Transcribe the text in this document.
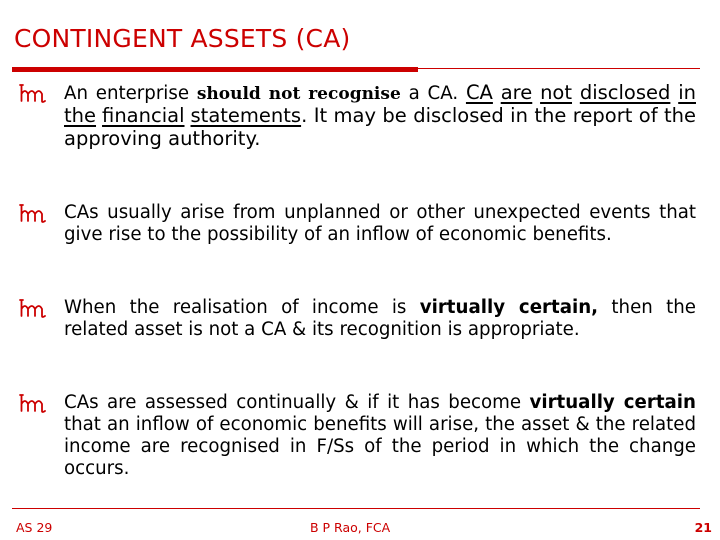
CONTINGENT ASSETS (CA)

An enterprise should not recognise a CA. CA are not disclosed in the financial statements. It may be disclosed in the report of the approving authority.

CAs usually arise from unplanned or other unexpected events that give rise to the possibility of an inflow of economic benefits.

When the realisation of income is virtually certain, then the related asset is not a CA & its recognition is appropriate.

CAs are assessed continually & if it has become virtually certain that an inflow of economic benefits will arise, the asset & the related income are recognised in F/Ss of the period in which the change occurs.

AS 29	B P Rao, FCA	21
